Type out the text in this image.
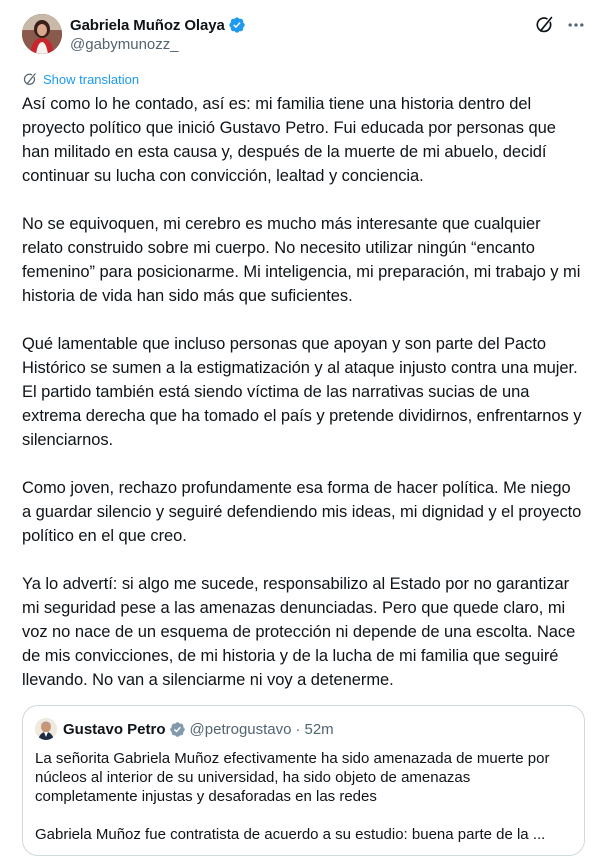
Gabriela Muñoz Olaya
@gabymunozz_
Show translation

Así como lo he contado, así es: mi familia tiene una historia dentro del proyecto político que inició Gustavo Petro. Fui educada por personas que han militado en esta causa y, después de la muerte de mi abuelo, decidí continuar su lucha con convicción, lealtad y conciencia.

No se equivoquen, mi cerebro es mucho más interesante que cualquier relato construido sobre mi cuerpo. No necesito utilizar ningún “encanto femenino” para posicionarme. Mi inteligencia, mi preparación, mi trabajo y mi historia de vida han sido más que suficientes.

Qué lamentable que incluso personas que apoyan y son parte del Pacto Histórico se sumen a la estigmatización y al ataque injusto contra una mujer. El partido también está siendo víctima de las narrativas sucias de una extrema derecha que ha tomado el país y pretende dividirnos, enfrentarnos y silenciarnos.

Como joven, rechazo profundamente esa forma de hacer política. Me niego a guardar silencio y seguiré defendiendo mis ideas, mi dignidad y el proyecto político en el que creo.

Ya lo advertí: si algo me sucede, responsabilizo al Estado por no garantizar mi seguridad pese a las amenazas denunciadas. Pero que quede claro, mi voz no nace de un esquema de protección ni depende de una escolta. Nace de mis convicciones, de mi historia y de la lucha de mi familia que seguiré llevando. No van a silenciarme ni voy a detenerme.

Gustavo Petro @petrogustavo · 52m

La señorita Gabriela Muñoz efectivamente ha sido amenazada de muerte por núcleos al interior de su universidad, ha sido objeto de amenazas completamente injustas y desaforadas en las redes

Gabriela Muñoz fue contratista de acuerdo a su estudio: buena parte de la ...
